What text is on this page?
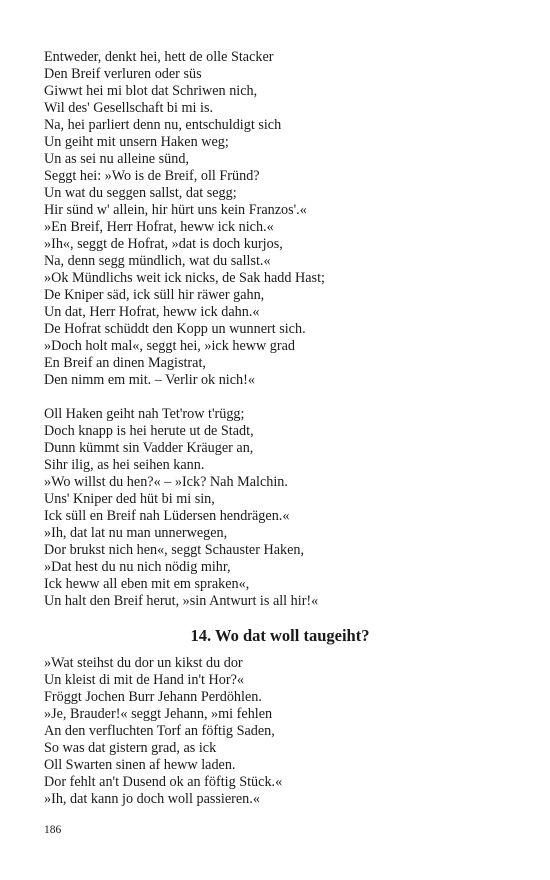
Entweder, denkt hei, hett de olle Stacker
Den Breif verluren oder süs
Giwwt hei mi blot dat Schriwen nich,
Wil des' Gesellschaft bi mi is.
Na, hei parliert denn nu, entschuldigt sich
Un geiht mit unsern Haken weg;
Un as sei nu alleine sünd,
Seggt hei: »Wo is de Breif, oll Fründ?
Un wat du seggen sallst, dat segg;
Hir sünd w' allein, hir hürt uns kein Franzos'.«
»En Breif, Herr Hofrat, heww ick nich.«
»Ih«, seggt de Hofrat, »dat is doch kurjos,
Na, denn segg mündlich, wat du sallst.«
»Ok Mündlichs weit ick nicks, de Sak hadd Hast;
De Kniper säd, ick süll hir räwer gahn,
Un dat, Herr Hofrat, heww ick dahn.«
De Hofrat schüddt den Kopp un wunnert sich.
»Doch holt mal«, seggt hei, »ick heww grad
En Breif an dinen Magistrat,
Den nimm em mit. – Verlir ok nich!«
Oll Haken geiht nah Tet'row t'rügg;
Doch knapp is hei herute ut de Stadt,
Dunn kümmt sin Vadder Kräuger an,
Sihr ilig, as hei seihen kann.
»Wo willst du hen?« – »Ick? Nah Malchin.
Uns' Kniper ded hüt bi mi sin,
Ick süll en Breif nah Lüdersen hendrägen.«
»Ih, dat lat nu man unnerwegen,
Dor brukst nich hen«, seggt Schauster Haken,
»Dat hest du nu nich nödig mihr,
Ick heww all eben mit em spraken«,
Un halt den Breif herut, »sin Antwurt is all hir!«
14. Wo dat woll taugeiht?
»Wat steihst du dor un kikst du dor
Un kleist di mit de Hand in't Hor?«
Fröggt Jochen Burr Jehann Perdöhlen.
»Je, Brauder!« seggt Jehann, »mi fehlen
An den verfluchten Torf an föftig Saden,
So was dat gistern grad, as ick
Oll Swarten sinen af heww laden.
Dor fehlt an't Dusend ok an föftig Stück.«
»Ih, dat kann jo doch woll passieren.«
186
